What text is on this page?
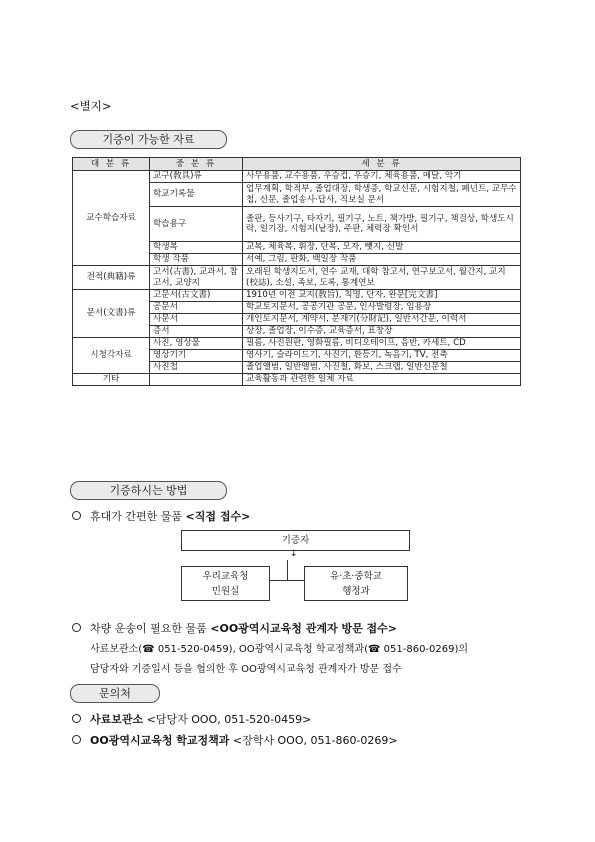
<별지>
기증이 가능한 자료
대 분 류	중 분 류	세 분 류
교수학습자료	교구(敎具)류	사무용품, 교수용품, 우승컵, 우승기, 체육용품, 메달, 악기
	학교기록물	업무계획, 학적부, 졸업대장, 학생증, 학교신문, 시험지철, 페넌트, 교무수첩, 신문, 졸업송사·답사, 직보실 문서
	학습용구	졸판, 등사기구, 타자기, 필기구, 노트, 책가방, 필기구, 책걸상, 학생도시락, 일기장, 시험지(낱장), 주판, 체력장 확인서
	학생복	교복, 체육복, 휘장, 단복, 모자, 뺏지, 신발
	학생 작품	서예, 그림, 판화, 백일장 작품
전적(典籍)류	고서(古書), 교과서, 참고서, 교양지	오래된 학생지도서, 연수 교재, 대학 참고서, 연구보고서, 월간지, 교지(校誌), 소설, 족보, 도록, 통계연보
문서(文書)류	고문서(古文書)	1910년 이전 교지(敎旨), 칙명, 단자, 완문[完文書]
	공문서	학교토지문서, 공공기관 공문, 인사발령장, 임용장
	사문서	개인토지문서, 계약서, 분재기(分財記), 일반서간문, 이력서
	증서	상장, 졸업장, 이수증, 교육증서, 표창장
시청각자료	사진, 영상물	필름, 사진원판, 영화필름, 비디오테이프, 음반, 카세트, CD
	영상기기	영사기, 슬라이드기, 사진기, 환등기, 녹음기, TV, 전축
	사진첩	졸업앨범, 일반앨범, 사진철, 화보, 스크랩, 일반신문철
기타		교육활동과 관련한 일체 자료
기증하시는 방법
휴대가 간편한 물품 <직접 접수>
기증자
↓
우리교육청
민원실
유·초·중학교
행정과
차량 운송이 필요한 물품 <OO광역시교육청 관계자 방문 접수>
사료보관소(☎ 051-520-0459), OO광역시교육청 학교정책과(☎ 051-860-0269)의
담당자와 기증일시 등을 협의한 후 OO광역시교육청 관계자가 방문 접수
문의처
사료보관소 <담당자 OOO, 051-520-0459>
OO광역시교육청 학교정책과 <장학사 OOO, 051-860-0269>
